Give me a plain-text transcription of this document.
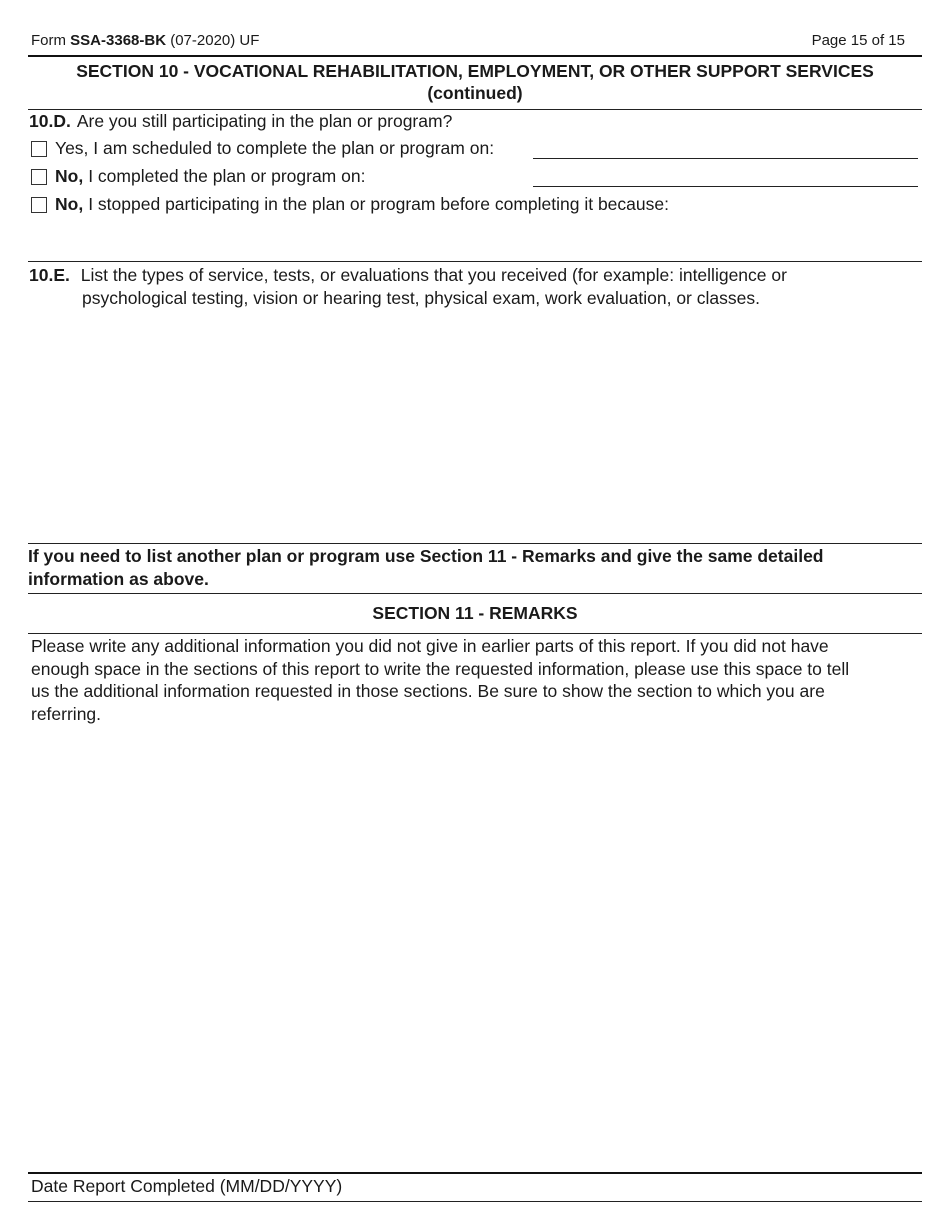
Form SSA-3368-BK (07-2020) UF	Page 15 of 15
SECTION 10 - VOCATIONAL REHABILITATION, EMPLOYMENT, OR OTHER SUPPORT SERVICES
(continued)
10.D. Are you still participating in the plan or program?
Yes, I am scheduled to complete the plan or program on:
No, I completed the plan or program on:
No, I stopped participating in the plan or program before completing it because:
10.E. List the types of service, tests, or evaluations that you received (for example: intelligence or
psychological testing, vision or hearing test, physical exam, work evaluation, or classes.
If you need to list another plan or program use Section 11 - Remarks and give the same detailed
information as above.
SECTION 11 - REMARKS
Please write any additional information you did not give in earlier parts of this report. If you did not have
enough space in the sections of this report to write the requested information, please use this space to tell
us the additional information requested in those sections. Be sure to show the section to which you are
referring.
Date Report Completed (MM/DD/YYYY)
